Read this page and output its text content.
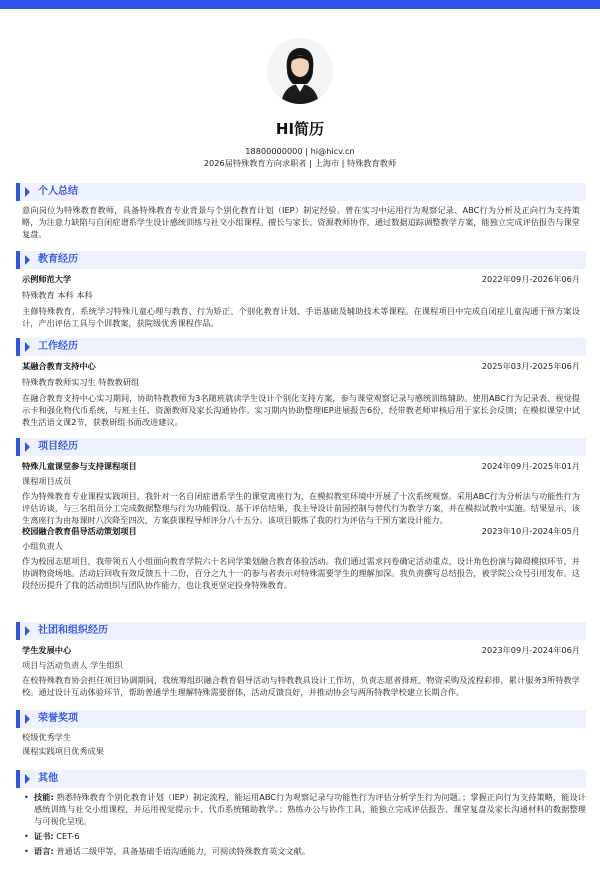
HI简历
18800000000 | hi@hicv.cn
2026届特殊教育方向求职者 | 上海市 | 特殊教育教师
个人总结
意向岗位为特殊教育教师，具备特殊教育专业背景与个别化教育计划（IEP）制定经验。曾在实习中运用行为观察记录、ABC行为分析及正向行为支持策略，为注意力缺陷与自闭症谱系学生设计感统训练与社交小组课程。擅长与家长、资源教师协作，通过数据追踪调整教学方案，能独立完成评估报告与课堂复盘。
教育经历
示例师范大学	2022年09月-2026年06月
特殊教育 本科 本科
主修特殊教育，系统学习特殊儿童心理与教育、行为矫正、个别化教育计划、手语基础及辅助技术等课程。在课程项目中完成自闭症儿童沟通干预方案设计，产出评估工具与个训教案，获院级优秀课程作品。
工作经历
某融合教育支持中心	2025年03月-2025年06月
特殊教育教师实习生 特教教研组
在融合教育支持中心实习期间，协助特教教师为3名随班就读学生设计个别化支持方案，参与课堂观察记录与感统训练辅助。使用ABC行为记录表、视觉提示卡和强化物代币系统，与班主任、资源教师及家长沟通协作。实习期内协助整理IEP进展报告6份，经带教老师审核后用于家长会反馈；在模拟课堂中试教生活语文课2节，获教研组书面改进建议。
项目经历
特殊儿童课堂参与支持课程项目	2024年09月-2025年01月
课程项目成员
作为特殊教育专业课程实践项目，我针对一名自闭症谱系学生的课堂离座行为，在模拟教室环境中开展了十次系统观察。采用ABC行为分析法与功能性行为评估访谈，与三名组员分工完成数据整理与行为功能假设。基于评估结果，我主导设计前因控制与替代行为教学方案，并在模拟试教中实施。结果显示，该生离座行为由每课时八次降至四次，方案获课程导师评分八十五分。该项目锻炼了我的行为评估与干预方案设计能力。
校园融合教育倡导活动策划项目	2023年10月-2024年05月
小组负责人
作为校园志愿项目，我带领五人小组面向教育学院六十名同学策划融合教育体验活动。我们通过需求问卷确定活动重点，设计角色扮演与障碍模拟环节，并协调物资场地。活动后回收有效反馈五十二份，百分之九十一的参与者表示对特殊需要学生的理解加深。我负责撰写总结报告，被学院公众号引用发布。这段经历提升了我的活动组织与团队协作能力，也让我更坚定投身特殊教育。
社团和组织经历
学生发展中心	2023年09月-2024年06月
项目与活动负责人 学生组织
在校特殊教育协会担任项目协调期间，我统筹组织融合教育倡导活动与特教教具设计工作坊，负责志愿者排班、物资采购及流程彩排，累计服务3所特教学校。通过设计互动体验环节，帮助普通学生理解特殊需要群体，活动反馈良好，并推动协会与两所特教学校建立长期合作。
荣誉奖项
校级优秀学生
课程实践项目优秀成果
其他
• 技能: 熟悉特殊教育个别化教育计划（IEP）制定流程，能运用ABC行为观察记录与功能性行为评估分析学生行为问题。；掌握正向行为支持策略，能设计感统训练与社交小组课程，并运用视觉提示卡、代币系统辅助教学。；熟练办公与协作工具，能独立完成评估报告、课堂复盘及家长沟通材料的数据整理与可视化呈现。
• 证书: CET-6
• 语言: 普通话二级甲等，具备基础手语沟通能力，可阅读特殊教育英文文献。
